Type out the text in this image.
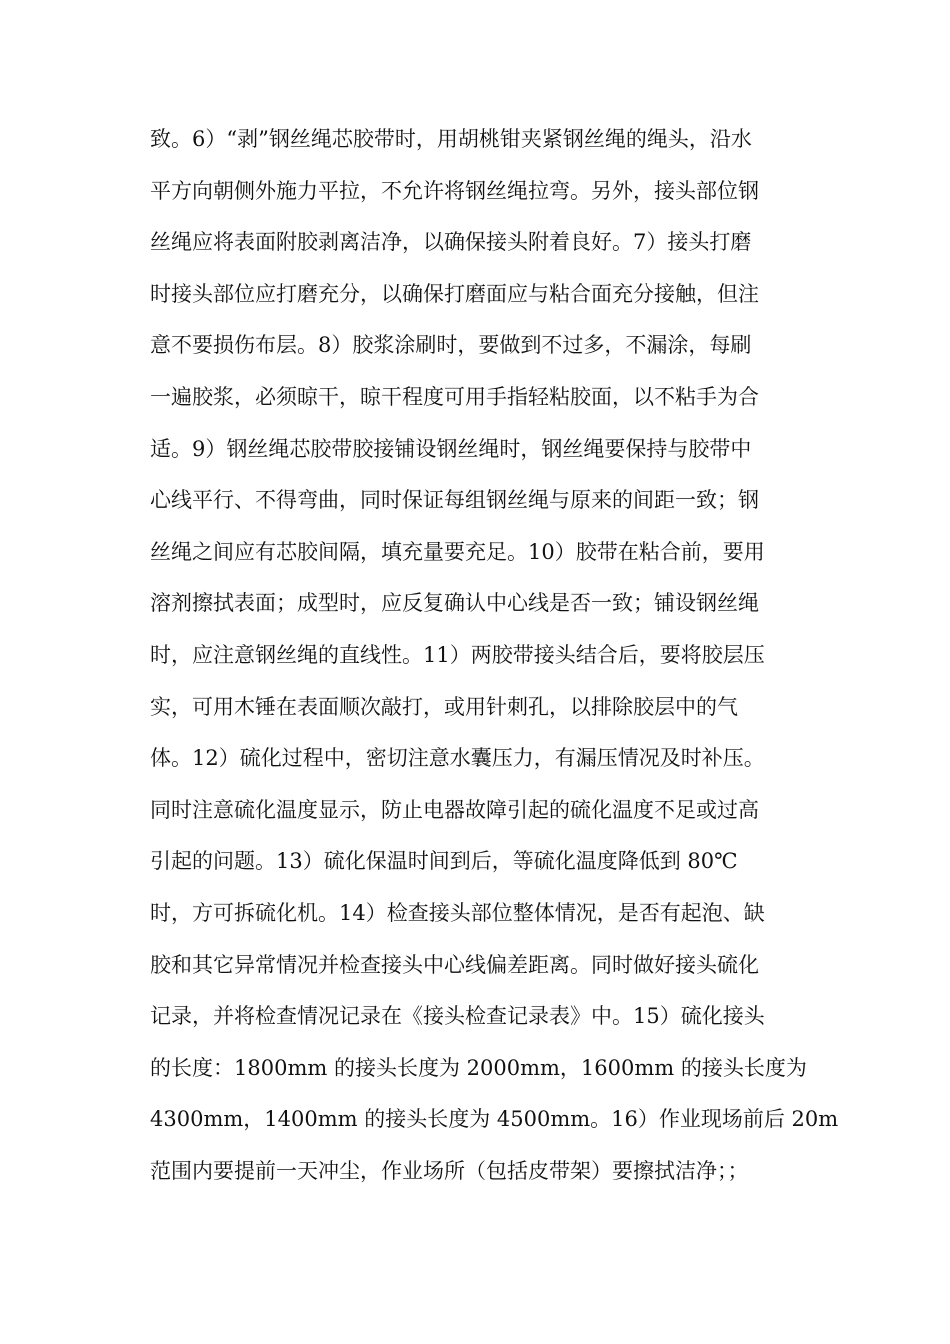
致。6）“剥”钢丝绳芯胶带时，用胡桃钳夹紧钢丝绳的绳头，沿水
平方向朝侧外施力平拉，不允许将钢丝绳拉弯。另外，接头部位钢
丝绳应将表面附胶剥离洁净，以确保接头附着良好。7）接头打磨
时接头部位应打磨充分，以确保打磨面应与粘合面充分接触，但注
意不要损伤布层。8）胶浆涂刷时，要做到不过多，不漏涂，每刷
一遍胶浆，必须晾干，晾干程度可用手指轻粘胶面，以不粘手为合
适。9）钢丝绳芯胶带胶接铺设钢丝绳时，钢丝绳要保持与胶带中
心线平行、不得弯曲，同时保证每组钢丝绳与原来的间距一致；钢
丝绳之间应有芯胶间隔，填充量要充足。10）胶带在粘合前，要用
溶剂擦拭表面；成型时，应反复确认中心线是否一致；铺设钢丝绳
时，应注意钢丝绳的直线性。11）两胶带接头结合后，要将胶层压
实，可用木锤在表面顺次敲打，或用针刺孔，以排除胶层中的气
体。12）硫化过程中，密切注意水囊压力，有漏压情况及时补压。
同时注意硫化温度显示，防止电器故障引起的硫化温度不足或过高
引起的问题。13）硫化保温时间到后，等硫化温度降低到 80℃
时，方可拆硫化机。14）检查接头部位整体情况，是否有起泡、缺
胶和其它异常情况并检查接头中心线偏差距离。同时做好接头硫化
记录，并将检查情况记录在《接头检查记录表》中。15）硫化接头
的长度：1800mm 的接头长度为 2000mm，1600mm 的接头长度为
4300mm，1400mm 的接头长度为 4500mm。16）作业现场前后 20m
范围内要提前一天冲尘，作业场所（包括皮带架）要擦拭洁净；；
